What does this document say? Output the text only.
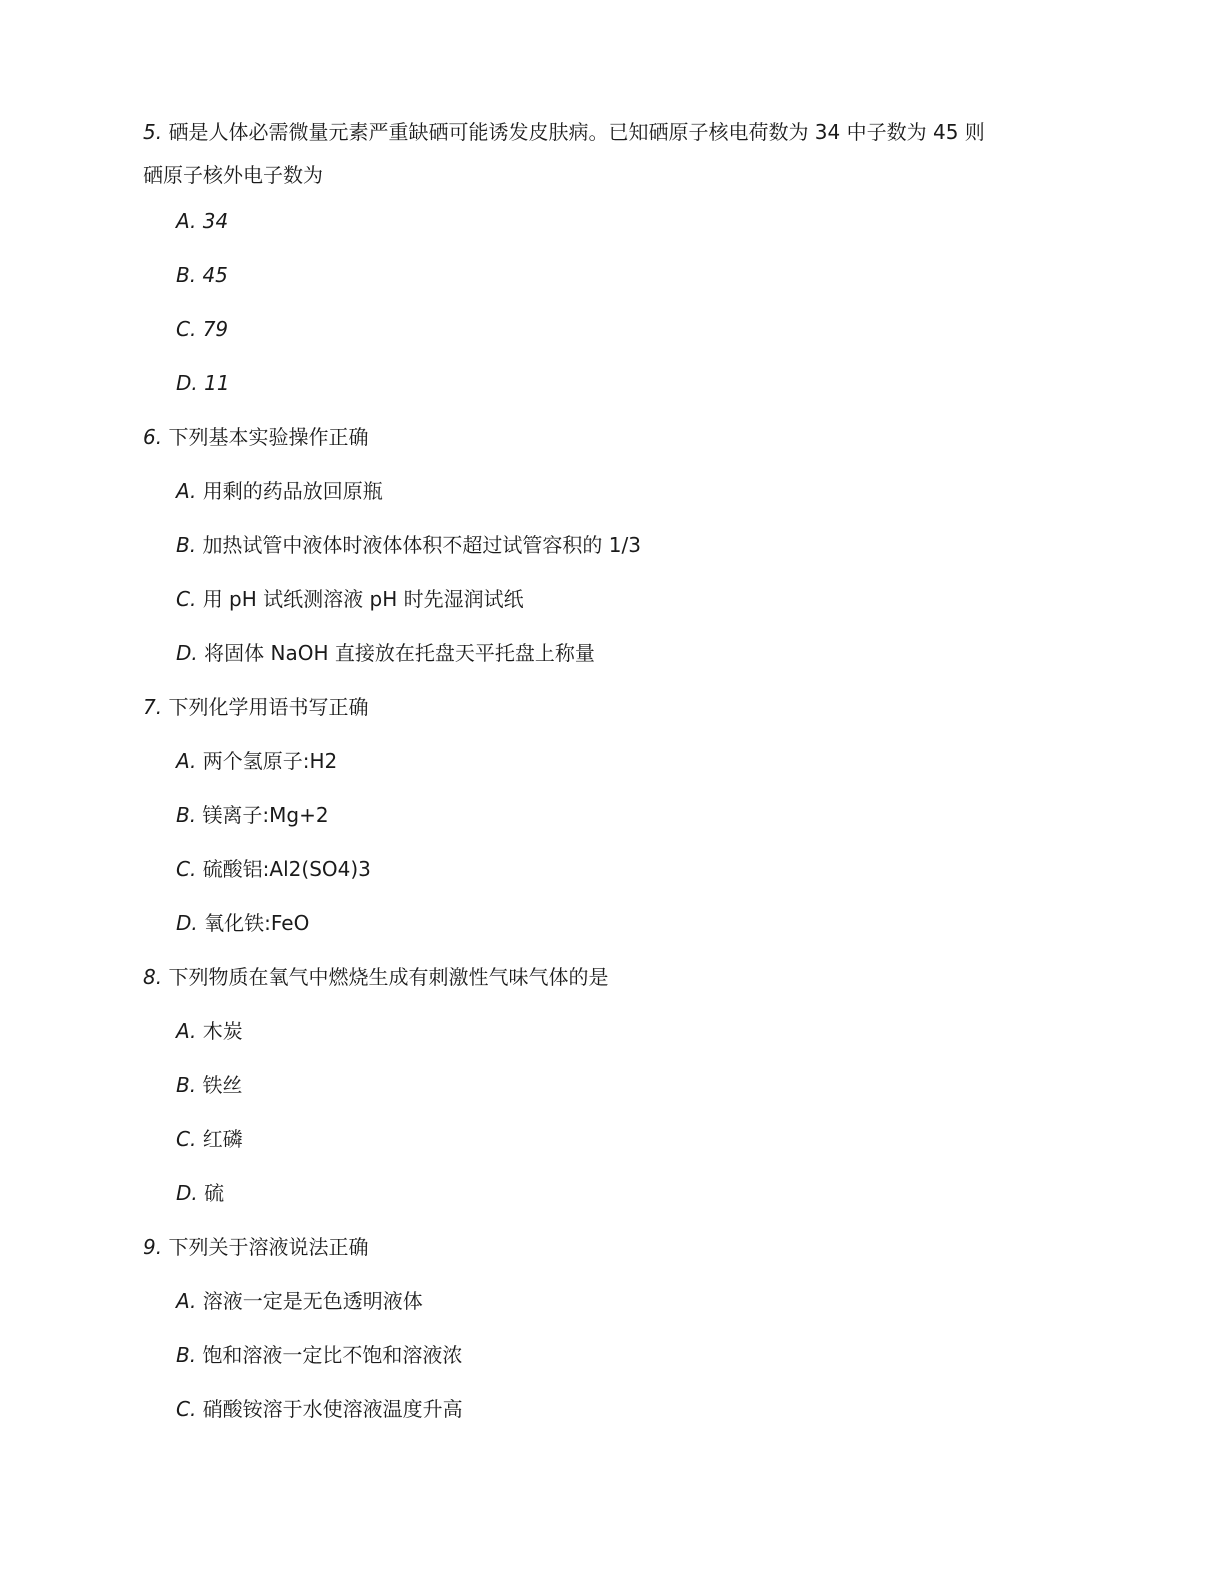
5. 硒是人体必需微量元素严重缺硒可能诱发皮肤病。已知硒原子核电荷数为 34 中子数为 45 则
硒原子核外电子数为
A. 34
B. 45
C. 79
D. 11
6. 下列基本实验操作正确
A. 用剩的药品放回原瓶
B. 加热试管中液体时液体体积不超过试管容积的 1/3
C. 用 pH 试纸测溶液 pH 时先湿润试纸
D. 将固体 NaOH 直接放在托盘天平托盘上称量
7. 下列化学用语书写正确
A. 两个氢原子:H2
B. 镁离子:Mg+2
C. 硫酸铝:Al2(SO4)3
D. 氧化铁:FeO
8. 下列物质在氧气中燃烧生成有刺激性气味气体的是
A. 木炭
B. 铁丝
C. 红磷
D. 硫
9. 下列关于溶液说法正确
A. 溶液一定是无色透明液体
B. 饱和溶液一定比不饱和溶液浓
C. 硝酸铵溶于水使溶液温度升高
